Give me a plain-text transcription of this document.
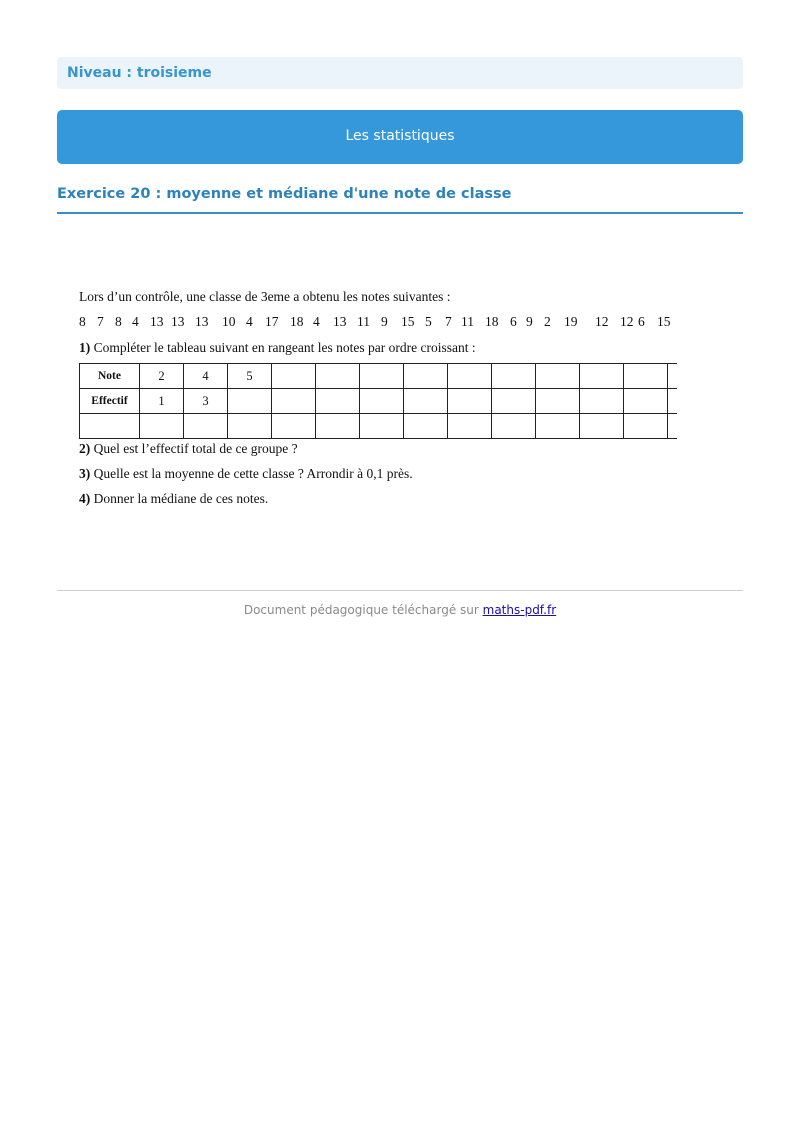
Niveau : troisieme
Les statistiques
Exercice 20 : moyenne et médiane d'une note de classe
Lors d’un contrôle, une classe de 3eme a obtenu les notes suivantes :
8 7 8 4 13 13 13 10 4 17 18 4 13 11 9 15 5 7 11 18 6 9 2 19 12 12 6 15
1) Compléter le tableau suivant en rangeant les notes par ordre croissant :
Note	2	4	5										
Effectif	1	3											

2) Quel est l’effectif total de ce groupe ?
3) Quelle est la moyenne de cette classe ? Arrondir à 0,1 près.
4) Donner la médiane de ces notes.
Document pédagogique téléchargé sur maths-pdf.fr
